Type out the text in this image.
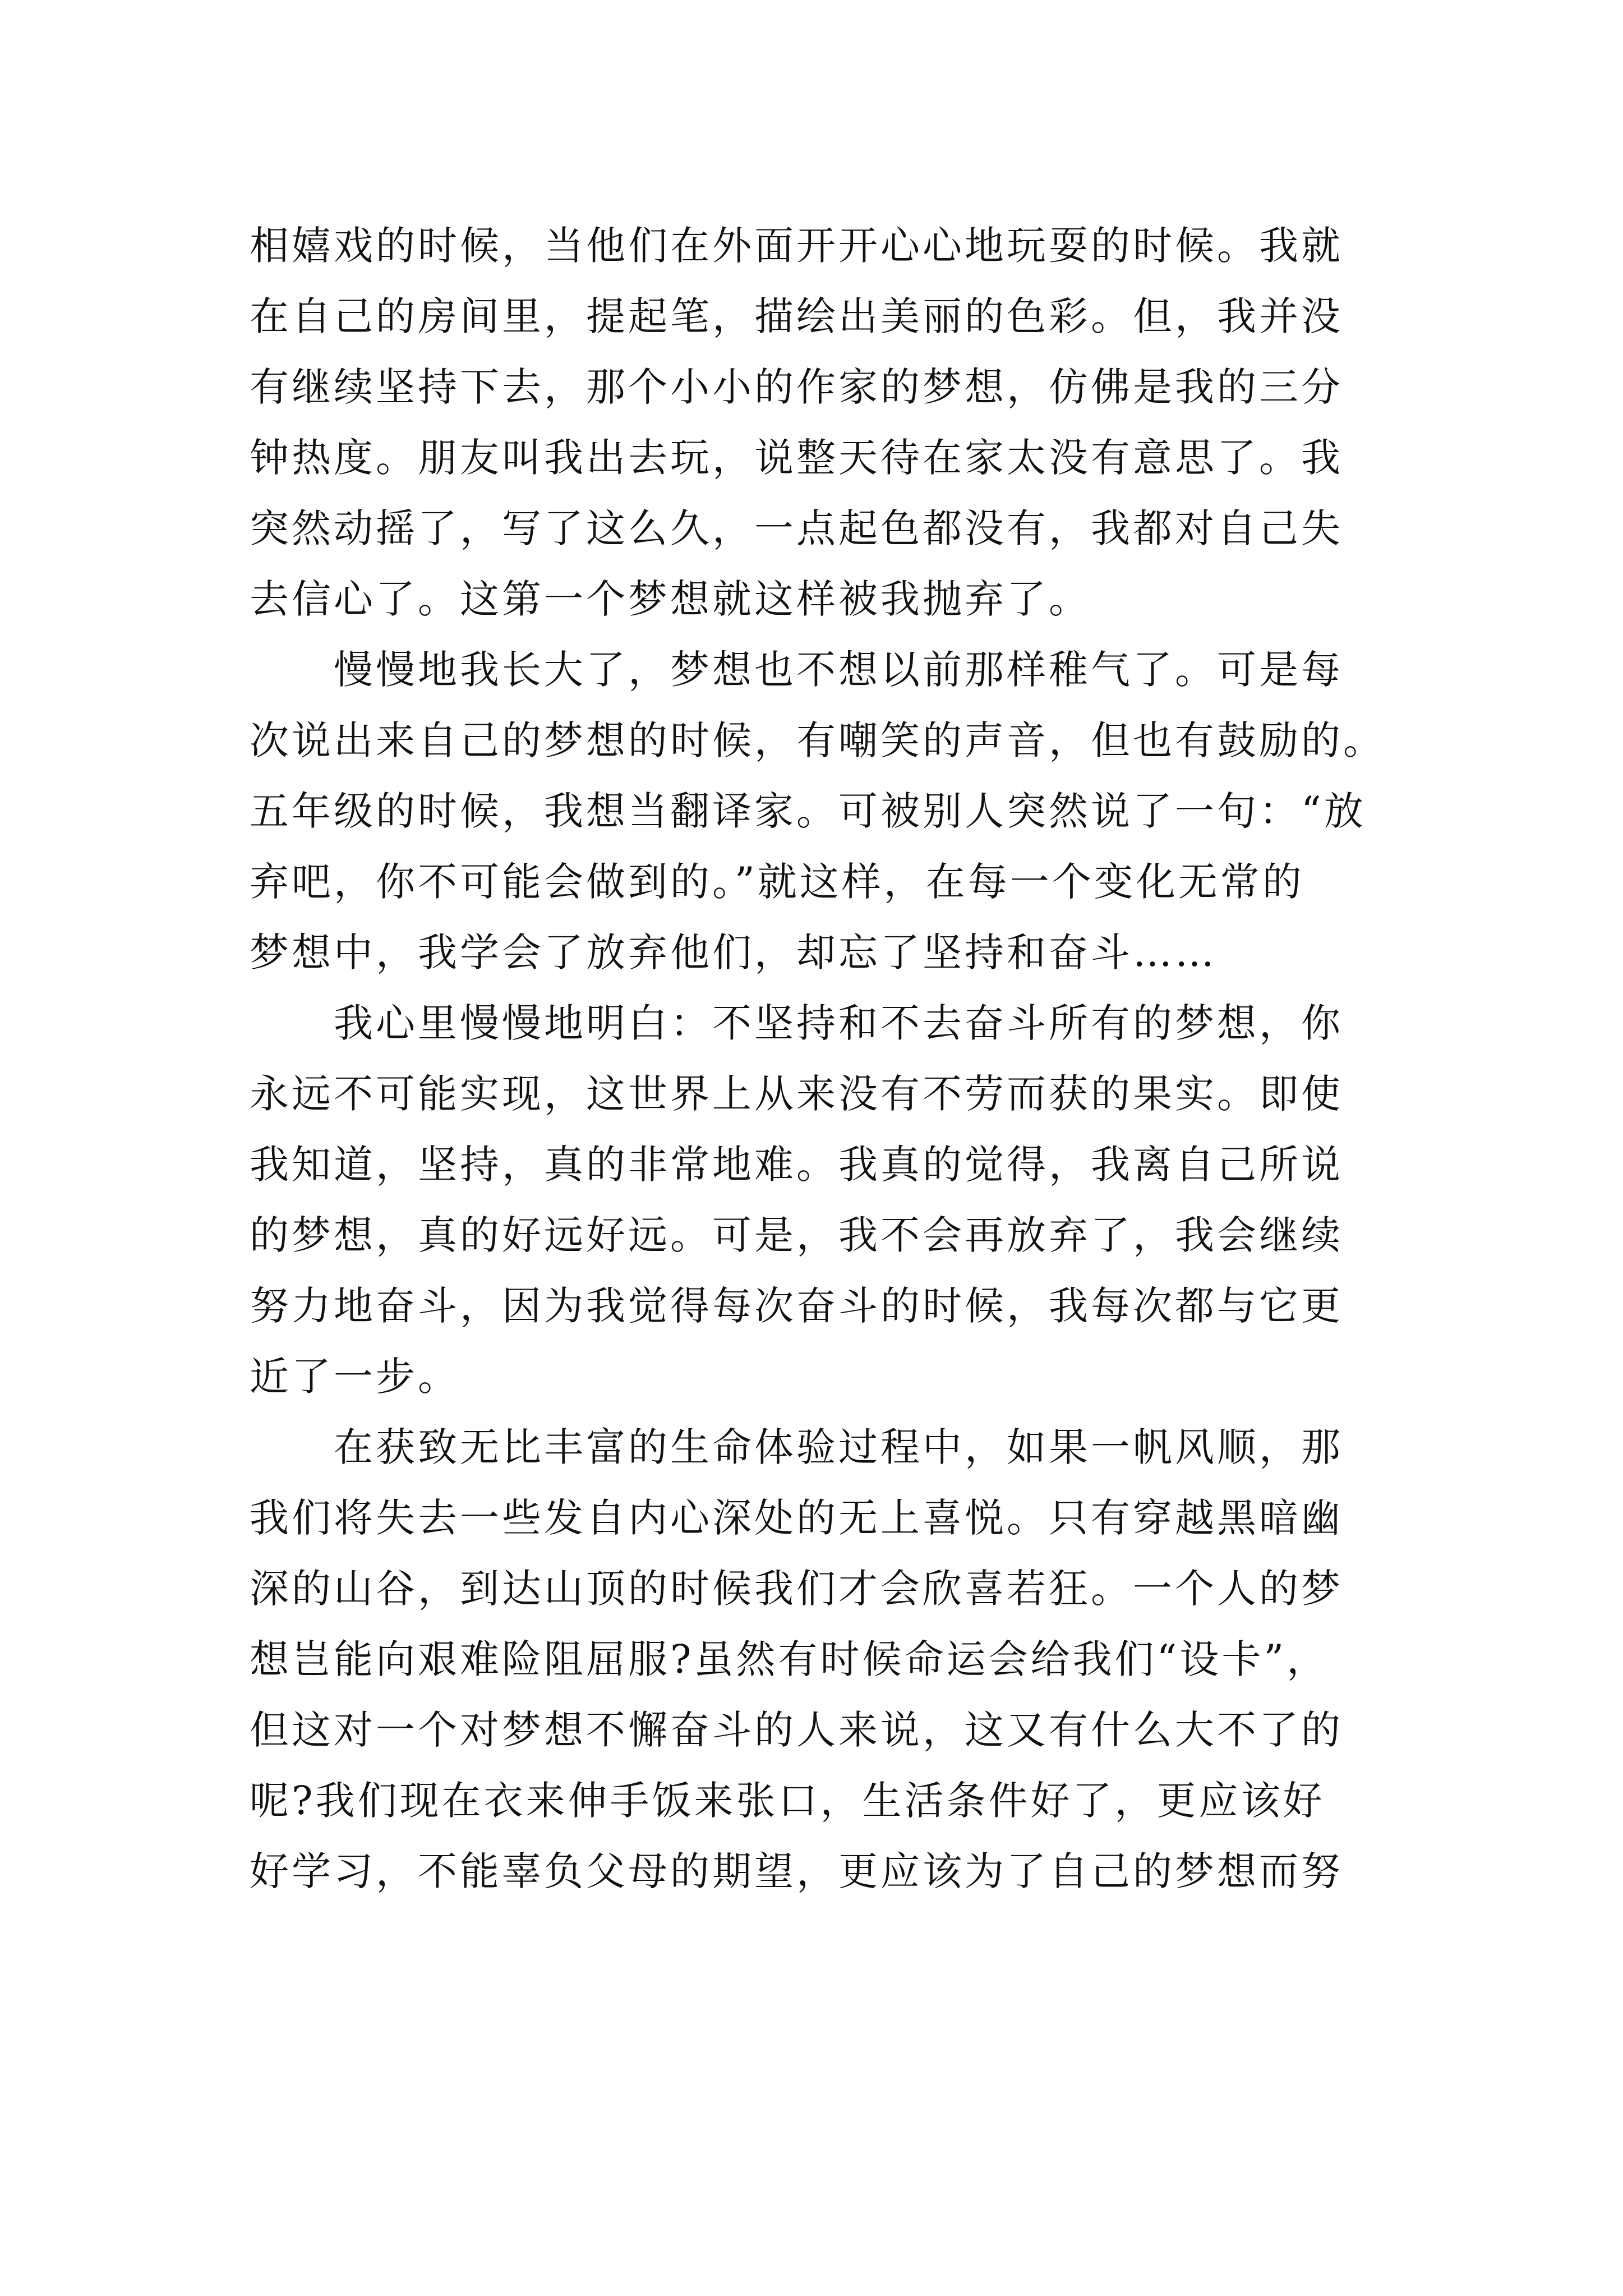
相嬉戏的时候，当他们在外面开开心心地玩耍的时候。我就
在自己的房间里，提起笔，描绘出美丽的色彩。但，我并没
有继续坚持下去，那个小小的作家的梦想，仿佛是我的三分
钟热度。朋友叫我出去玩，说整天待在家太没有意思了。我
突然动摇了，写了这么久，一点起色都没有，我都对自己失
去信心了。这第一个梦想就这样被我抛弃了。
　　慢慢地我长大了，梦想也不想以前那样稚气了。可是每
次说出来自己的梦想的时候，有嘲笑的声音，但也有鼓励的。
五年级的时候，我想当翻译家。可被别人突然说了一句：“放
弃吧，你不可能会做到的。”就这样，在每一个变化无常的
梦想中，我学会了放弃他们，却忘了坚持和奋斗……
　　我心里慢慢地明白：不坚持和不去奋斗所有的梦想，你
永远不可能实现，这世界上从来没有不劳而获的果实。即使
我知道，坚持，真的非常地难。我真的觉得，我离自己所说
的梦想，真的好远好远。可是，我不会再放弃了，我会继续
努力地奋斗，因为我觉得每次奋斗的时候，我每次都与它更
近了一步。
　　在获致无比丰富的生命体验过程中，如果一帆风顺，那
我们将失去一些发自内心深处的无上喜悦。只有穿越黑暗幽
深的山谷，到达山顶的时候我们才会欣喜若狂。一个人的梦
想岂能向艰难险阻屈服?虽然有时候命运会给我们“设卡”，
但这对一个对梦想不懈奋斗的人来说，这又有什么大不了的
呢?我们现在衣来伸手饭来张口，生活条件好了，更应该好
好学习，不能辜负父母的期望，更应该为了自己的梦想而努
